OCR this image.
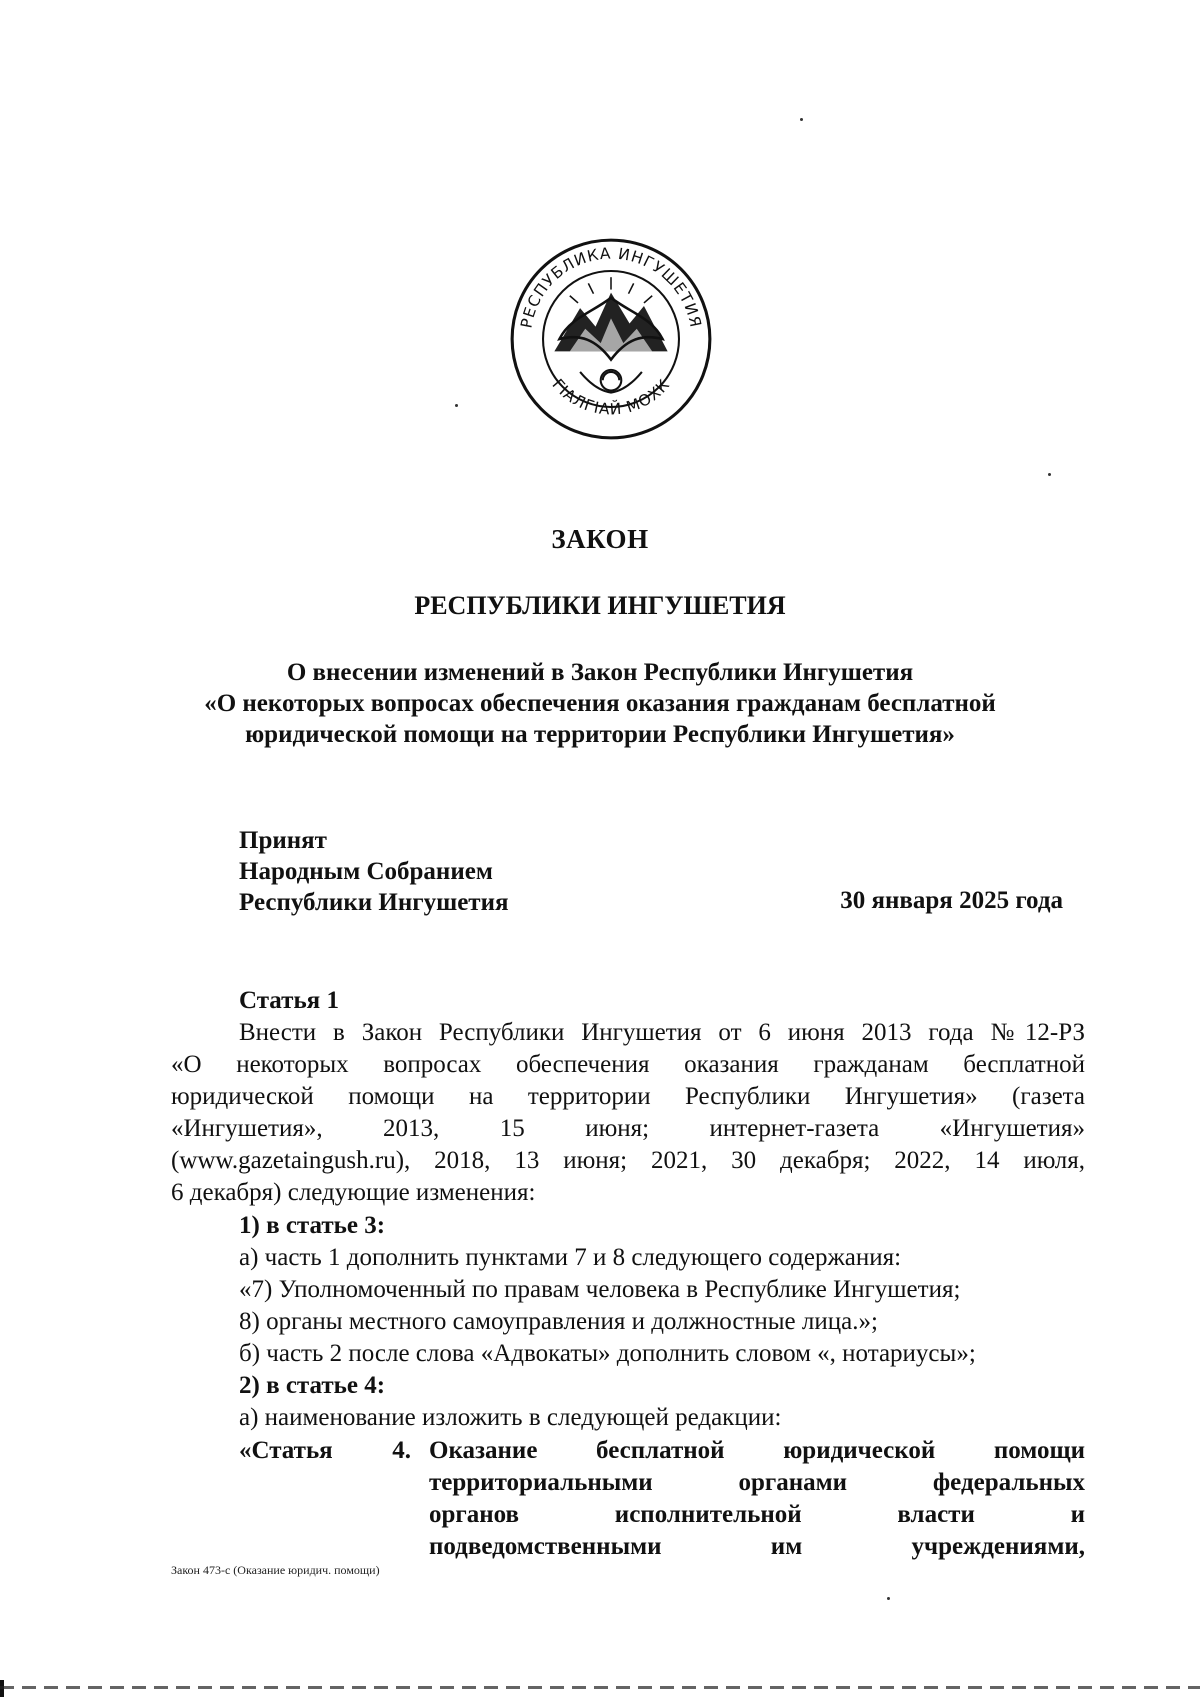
РЕСПУБЛИКА ИНГУШЕТИЯ
ГIАЛГIАЙ МОХК
ЗАКОН
РЕСПУБЛИКИ ИНГУШЕТИЯ
О внесении изменений в Закон Республики Ингушетия
«О некоторых вопросах обеспечения оказания гражданам бесплатной
юридической помощи на территории Республики Ингушетия»
Принят
Народным Собранием
Республики Ингушетия	30 января 2025 года
Статья 1
Внести в Закон Республики Ингушетия от 6 июня 2013 года №12-РЗ
«О некоторых вопросах обеспечения оказания гражданам бесплатной
юридической помощи на территории Республики Ингушетия» (газета
«Ингушетия», 2013, 15 июня; интернет-газета «Ингушетия»
(www.gazetaingush.ru), 2018, 13 июня; 2021, 30 декабря; 2022, 14 июля,
6 декабря) следующие изменения:
1) в статье 3:
а) часть 1 дополнить пунктами 7 и 8 следующего содержания:
«7) Уполномоченный по правам человека в Республике Ингушетия;
8) органы местного самоуправления и должностные лица.»;
б) часть 2 после слова «Адвокаты» дополнить словом «, нотариусы»;
2) в статье 4:
а) наименование изложить в следующей редакции:
«Статья 4. Оказание бесплатной юридической помощи
территориальными органами федеральных
органов исполнительной власти и
подведомственными им учреждениями,
Закон 473-с (Оказание юридич. помощи)
